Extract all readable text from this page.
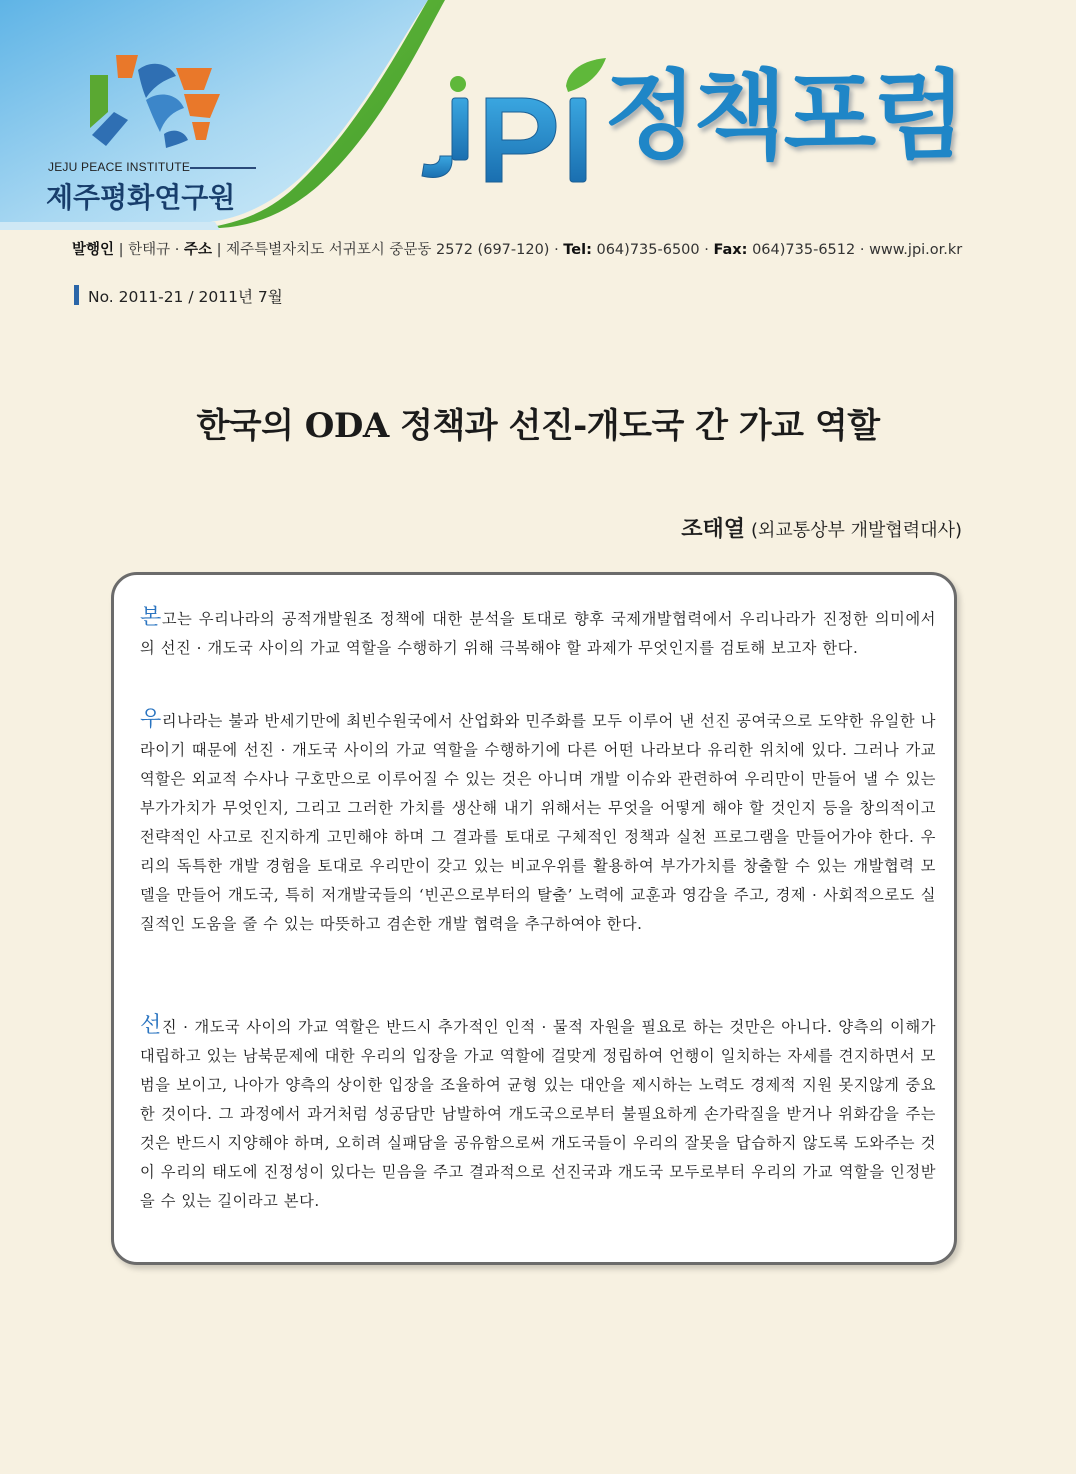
JEJU PEACE INSTITUTE
제주평화연구원
정책포럼
발행인 | 한태규 · 주소 | 제주특별자치도 서귀포시 중문동 2572 (697-120) · Tel: 064)735-6500 · Fax: 064)735-6512 · www.jpi.or.kr
No. 2011-21 / 2011년 7월
한국의 ODA 정책과 선진-개도국 간 가교 역할
조태열 (외교통상부 개발협력대사)

본고는 우리나라의 공적개발원조 정책에 대한 분석을 토대로 향후 국제개발협력에서 우리나라가 진정한 의미에서의 선진 · 개도국 사이의 가교 역할을 수행하기 위해 극복해야 할 과제가 무엇인지를 검토해 보고자 한다.

우리나라는 불과 반세기만에 최빈수원국에서 산업화와 민주화를 모두 이루어 낸 선진 공여국으로 도약한 유일한 나라이기 때문에 선진 · 개도국 사이의 가교 역할을 수행하기에 다른 어떤 나라보다 유리한 위치에 있다. 그러나 가교 역할은 외교적 수사나 구호만으로 이루어질 수 있는 것은 아니며 개발 이슈와 관련하여 우리만이 만들어 낼 수 있는 부가가치가 무엇인지, 그리고 그러한 가치를 생산해 내기 위해서는 무엇을 어떻게 해야 할 것인지 등을 창의적이고 전략적인 사고로 진지하게 고민해야 하며 그 결과를 토대로 구체적인 정책과 실천 프로그램을 만들어가야 한다. 우리의 독특한 개발 경험을 토대로 우리만이 갖고 있는 비교우위를 활용하여 부가가치를 창출할 수 있는 개발협력 모델을 만들어 개도국, 특히 저개발국들의 ‘빈곤으로부터의 탈출’ 노력에 교훈과 영감을 주고, 경제 · 사회적으로도 실질적인 도움을 줄 수 있는 따뜻하고 겸손한 개발 협력을 추구하여야 한다.

선진 · 개도국 사이의 가교 역할은 반드시 추가적인 인적 · 물적 자원을 필요로 하는 것만은 아니다. 양측의 이해가 대립하고 있는 남북문제에 대한 우리의 입장을 가교 역할에 걸맞게 정립하여 언행이 일치하는 자세를 견지하면서 모범을 보이고, 나아가 양측의 상이한 입장을 조율하여 균형 있는 대안을 제시하는 노력도 경제적 지원 못지않게 중요한 것이다. 그 과정에서 과거처럼 성공담만 남발하여 개도국으로부터 불필요하게 손가락질을 받거나 위화감을 주는 것은 반드시 지양해야 하며, 오히려 실패담을 공유함으로써 개도국들이 우리의 잘못을 답습하지 않도록 도와주는 것이 우리의 태도에 진정성이 있다는 믿음을 주고 결과적으로 선진국과 개도국 모두로부터 우리의 가교 역할을 인정받을 수 있는 길이라고 본다.
